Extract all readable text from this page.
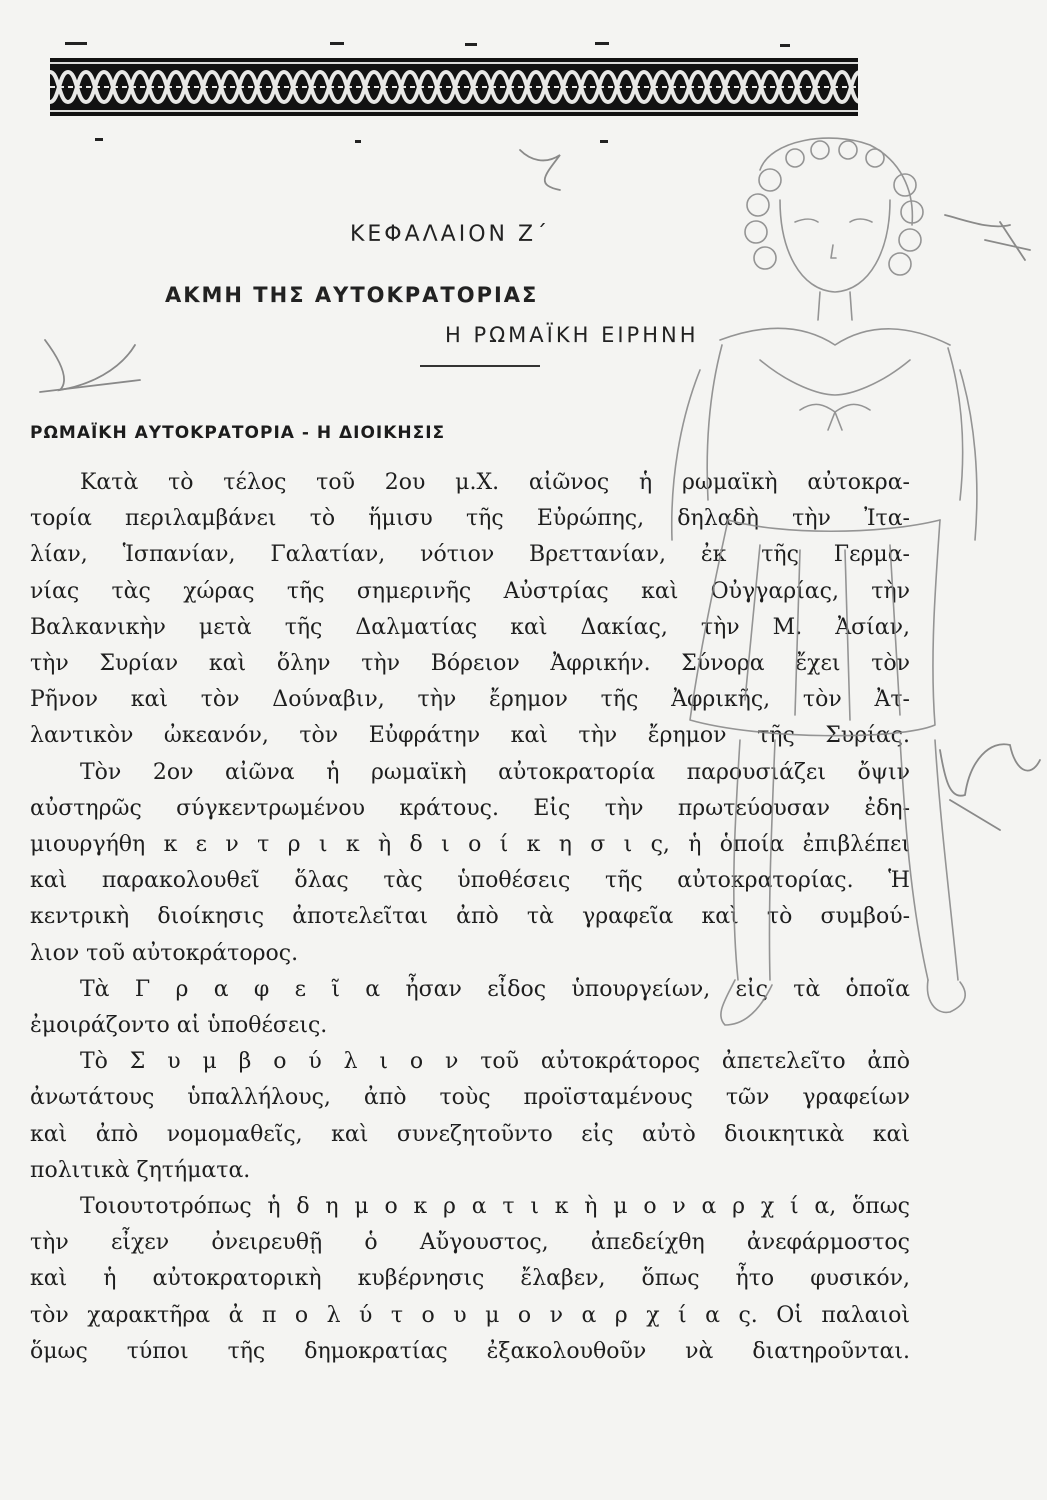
ΚΕΦΑΛΑΙΟΝ Ζ΄
ΑΚΜΗ ΤΗΣ ΑΥΤΟΚΡΑΤΟΡΙΑΣ
Η ΡΩΜΑΪΚΗ ΕΙΡΗΝΗ
ΡΩΜΑΪΚΗ ΑΥΤΟΚΡΑΤΟΡΙΑ - Η ΔΙΟΙΚΗΣΙΣ
Κατὰ τὸ τέλος τοῦ 2ου μ.Χ. αἰῶνος ἡ ρωμαϊκὴ αὐτοκρα-
τορία περιλαμβάνει τὸ ἥμισυ τῆς Εὐρώπης, δηλαδὴ τὴν Ἰτα-
λίαν, Ἱσπανίαν, Γαλατίαν, νότιον Βρεττανίαν, ἐκ τῆς Γερμα-
νίας τὰς χώρας τῆς σημερινῆς Αὐστρίας καὶ Οὐγγαρίας, τὴν
Βαλκανικὴν μετὰ τῆς Δαλματίας καὶ Δακίας, τὴν Μ. Ἀσίαν,
τὴν Συρίαν καὶ ὅλην τὴν Βόρειον Ἀφρικήν. Σύνορα ἔχει τὸν
Ρῆνον καὶ τὸν Δούναβιν, τὴν ἔρημον τῆς Ἀφρικῆς, τὸν Ἀτ-
λαντικὸν ὠκεανόν, τὸν Εὐφράτην καὶ τὴν ἔρημον τῆς Συρίας.
Τὸν 2ον αἰῶνα ἡ ρωμαϊκὴ αὐτοκρατορία παρουσιάζει ὄψιν
αὐστηρῶς σύγκεντρωμένου κράτους. Εἰς τὴν πρωτεύουσαν ἐδη-
μιουργήθη κ ε ν τ ρ ι κ ὴ δ ι ο ί κ η σ ι ς, ἡ ὁποία ἐπιβλέπει
καὶ παρακολουθεῖ ὅλας τὰς ὑποθέσεις τῆς αὐτοκρατορίας. Ἡ
κεντρικὴ διοίκησις ἀποτελεῖται ἀπὸ τὰ γραφεῖα καὶ τὸ συμβού-
λιον τοῦ αὐτοκράτορος.
Τὰ Γ ρ α φ ε ῖ α ἦσαν εἶδος ὑπουργείων, εἰς τὰ ὁποῖα
ἐμοιράζοντο αἱ ὑποθέσεις.
Τὸ Σ υ μ β ο ύ λ ι ο ν τοῦ αὐτοκράτορος ἀπετελεῖτο ἀπὸ
ἀνωτάτους ὑπαλλήλους, ἀπὸ τοὺς προϊσταμένους τῶν γραφείων
καὶ ἀπὸ νομομαθεῖς, καὶ συνεζητοῦντο εἰς αὐτὸ διοικητικὰ καὶ
πολιτικὰ ζητήματα.
Τοιουτοτρόπως ἡ δ η μ ο κ ρ α τ ι κ ὴ μ ο ν α ρ χ ί α, ὅπως
τὴν εἶχεν ὀνειρευθῇ ὁ Αὔγουστος, ἀπεδείχθη ἀνεφάρμοστος
καὶ ἡ αὐτοκρατορικὴ κυβέρνησις ἔλαβεν, ὅπως ἦτο φυσικόν,
τὸν χαρακτῆρα ἀ π ο λ ύ τ ο υ μ ο ν α ρ χ ί α ς. Οἱ παλαιοὶ
ὅμως τύποι τῆς δημοκρατίας ἐξακολουθοῦν νὰ διατηροῦνται.
